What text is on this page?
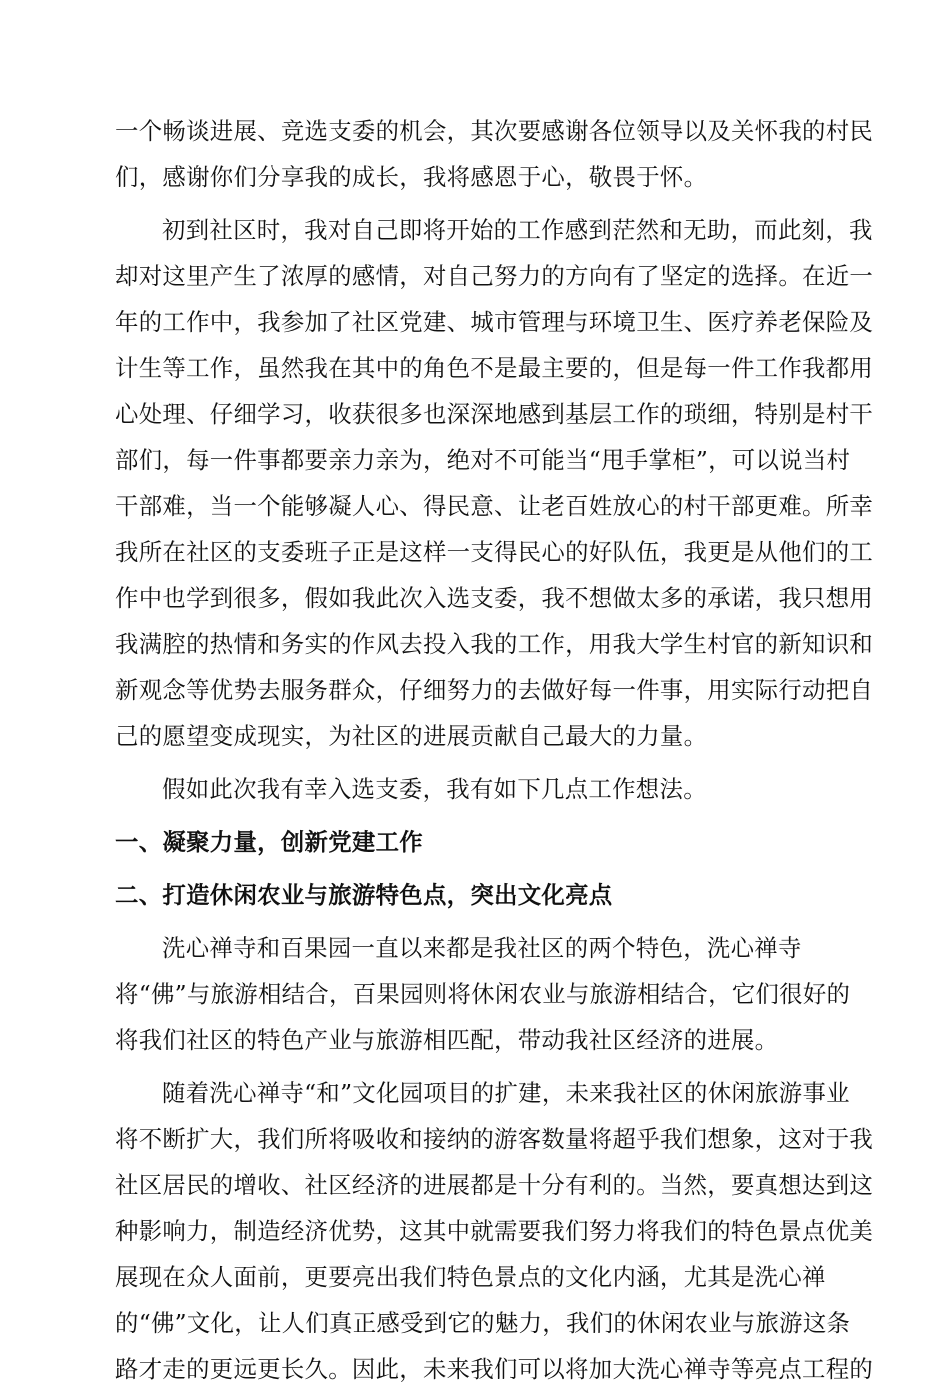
一个畅谈进展、竞选支委的机会，其次要感谢各位领导以及关怀我的村民
们，感谢你们分享我的成长，我将感恩于心，敬畏于怀。
初到社区时，我对自己即将开始的工作感到茫然和无助，而此刻，我
却对这里产生了浓厚的感情，对自己努力的方向有了坚定的选择。在近一
年的工作中，我参加了社区党建、城市管理与环境卫生、医疗养老保险及
计生等工作，虽然我在其中的角色不是最主要的，但是每一件工作我都用
心处理、仔细学习，收获很多也深深地感到基层工作的琐细，特别是村干
部们，每一件事都要亲力亲为，绝对不可能当“甩手掌柜”，可以说当村
干部难，当一个能够凝人心、得民意、让老百姓放心的村干部更难。所幸
我所在社区的支委班子正是这样一支得民心的好队伍，我更是从他们的工
作中也学到很多，假如我此次入选支委，我不想做太多的承诺，我只想用
我满腔的热情和务实的作风去投入我的工作，用我大学生村官的新知识和
新观念等优势去服务群众，仔细努力的去做好每一件事，用实际行动把自
己的愿望变成现实，为社区的进展贡献自己最大的力量。
假如此次我有幸入选支委，我有如下几点工作想法。
一、凝聚力量，创新党建工作
二、打造休闲农业与旅游特色点，突出文化亮点
洗心禅寺和百果园一直以来都是我社区的两个特色，洗心禅寺
将“佛”与旅游相结合，百果园则将休闲农业与旅游相结合，它们很好的
将我们社区的特色产业与旅游相匹配，带动我社区经济的进展。
随着洗心禅寺“和”文化园项目的扩建，未来我社区的休闲旅游事业
将不断扩大，我们所将吸收和接纳的游客数量将超乎我们想象，这对于我
社区居民的增收、社区经济的进展都是十分有利的。当然，要真想达到这
种影响力，制造经济优势，这其中就需要我们努力将我们的特色景点优美
展现在众人面前，更要亮出我们特色景点的文化内涵，尤其是洗心禅
的“佛”文化，让人们真正感受到它的魅力，我们的休闲农业与旅游这条
路才走的更远更长久。因此，未来我们可以将加大洗心禅寺等亮点工程的
